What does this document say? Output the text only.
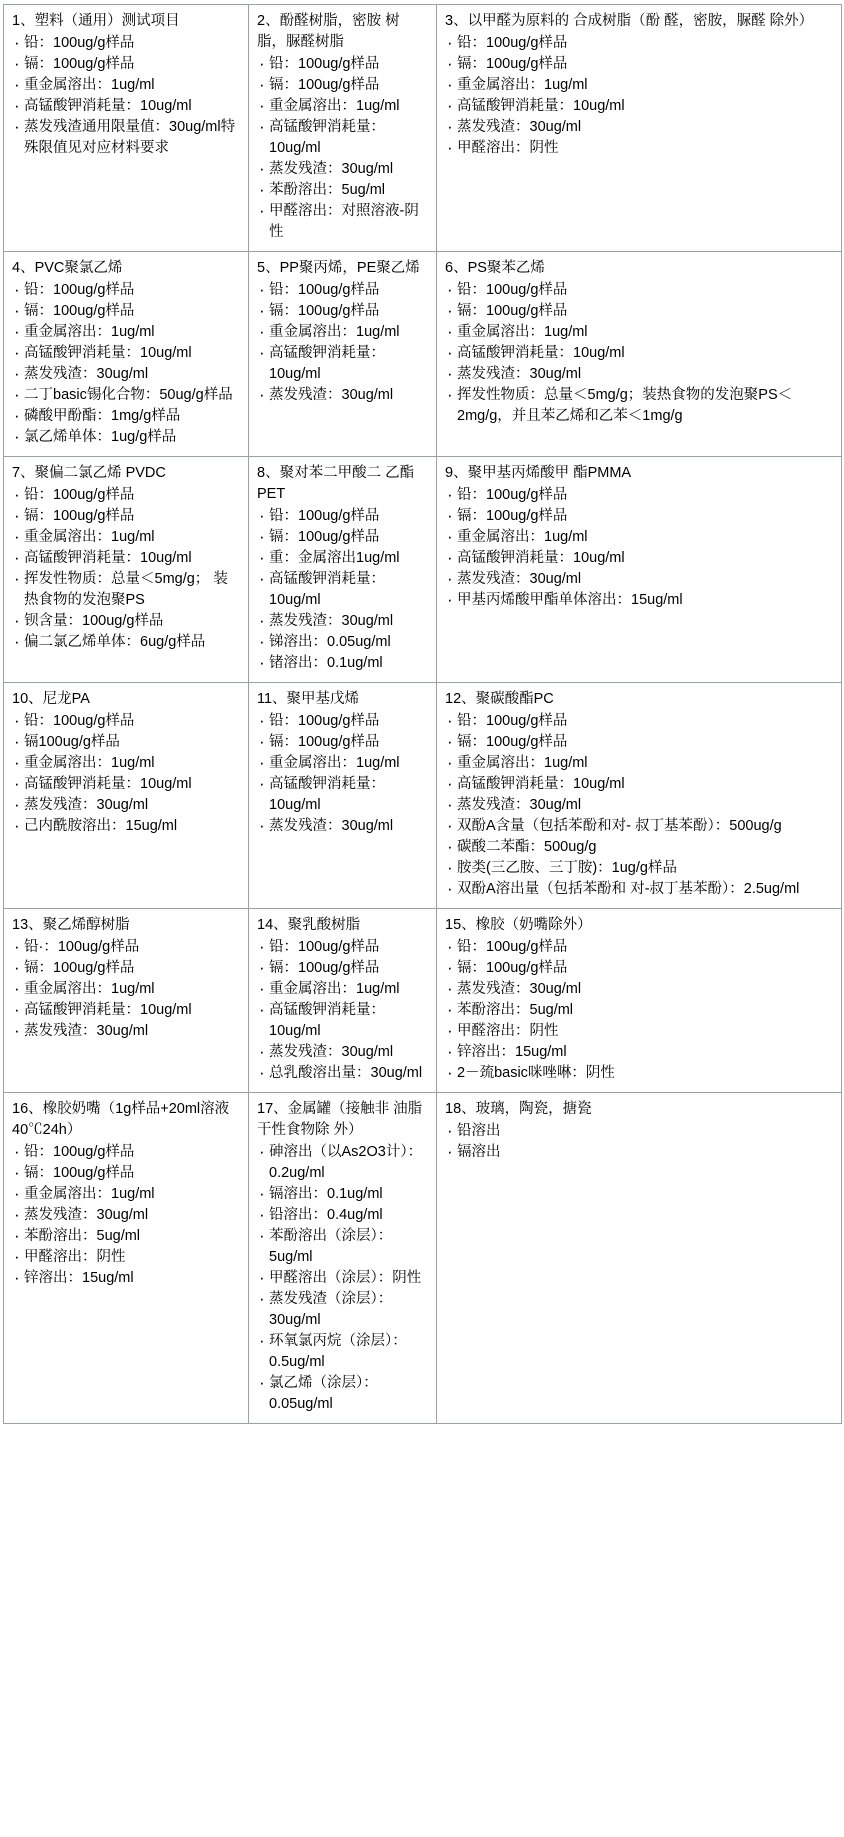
1、塑料（通用）测试项目
· 铅：100ug/g样品
· 镉：100ug/g样品
· 重金属溶出：1ug/ml
· 高锰酸钾消耗量：10ug/ml
· 蒸发残渣通用限量值：30ug/ml特殊限值见对应材料要求

2、酚醛树脂，密胺 树脂，脲醛树脂
· 铅：100ug/g样品
· 镉：100ug/g样品
· 重金属溶出：1ug/ml
· 高锰酸钾消耗量：10ug/ml
· 蒸发残渣：30ug/ml
· 苯酚溶出：5ug/ml
· 甲醛溶出：对照溶液-阴性

3、以甲醛为原料的 合成树脂（酚 醛，密胺，脲醛 除外）
· 铅：100ug/g样品
· 镉：100ug/g样品
· 重金属溶出：1ug/ml
· 高锰酸钾消耗量：10ug/ml
· 蒸发残渣：30ug/ml
· 甲醛溶出：阴性

4、PVC聚氯乙烯
· 铅：100ug/g样品
· 镉：100ug/g样品
· 重金属溶出：1ug/ml
· 高锰酸钾消耗量：10ug/ml
· 蒸发残渣：30ug/ml
· 二丁basic锡化合物：50ug/g样品
· 磷酸甲酚酯：1mg/g样品
· 氯乙烯单体：1ug/g样品

5、PP聚丙烯，PE聚乙烯
· 铅：100ug/g样品
· 镉：100ug/g样品
· 重金属溶出：1ug/ml
· 高锰酸钾消耗量：10ug/ml
· 蒸发残渣：30ug/ml

6、PS聚苯乙烯
· 铅：100ug/g样品
· 镉：100ug/g样品
· 重金属溶出：1ug/ml
· 高锰酸钾消耗量：10ug/ml
· 蒸发残渣：30ug/ml
· 挥发性物质：总量＜5mg/g；装热食物的发泡聚PS＜2mg/g，并且苯乙烯和乙苯＜1mg/g

7、聚偏二氯乙烯 PVDC
· 铅：100ug/g样品
· 镉：100ug/g样品
· 重金属溶出：1ug/ml
· 高锰酸钾消耗量：10ug/ml
· 挥发性物质：总量＜5mg/g； 装热食物的发泡聚PS
· 钡含量：100ug/g样品
· 偏二氯乙烯单体：6ug/g样品

8、聚对苯二甲酸二 乙酯PET
· 铅：100ug/g样品
· 镉：100ug/g样品
· 重：金属溶出1ug/ml
· 高锰酸钾消耗量：10ug/ml
· 蒸发残渣：30ug/ml
· 锑溶出：0.05ug/ml
· 锗溶出：0.1ug/ml

9、聚甲基丙烯酸甲 酯PMMA
· 铅：100ug/g样品
· 镉：100ug/g样品
· 重金属溶出：1ug/ml
· 高锰酸钾消耗量：10ug/ml
· 蒸发残渣：30ug/ml
· 甲基丙烯酸甲酯单体溶出：15ug/ml

10、尼龙PA
· 铅：100ug/g样品
· 镉100ug/g样品
· 重金属溶出：1ug/ml
· 高锰酸钾消耗量：10ug/ml
· 蒸发残渣：30ug/ml
· 己内酰胺溶出：15ug/ml

11、聚甲基戊烯
· 铅：100ug/g样品
· 镉：100ug/g样品
· 重金属溶出：1ug/ml
· 高锰酸钾消耗量：10ug/ml
· 蒸发残渣：30ug/ml

12、聚碳酸酯PC
· 铅：100ug/g样品
· 镉：100ug/g样品
· 重金属溶出：1ug/ml
· 高锰酸钾消耗量：10ug/ml
· 蒸发残渣：30ug/ml
· 双酚A含量（包括苯酚和对- 叔丁基苯酚）：500ug/g
· 碳酸二苯酯：500ug/g
· 胺类(三乙胺、三丁胺)：1ug/g样品
· 双酚A溶出量（包括苯酚和 对-叔丁基苯酚）：2.5ug/ml

13、聚乙烯醇树脂
· 铅·：100ug/g样品
· 镉：100ug/g样品
· 重金属溶出：1ug/ml
· 高锰酸钾消耗量：10ug/ml
· 蒸发残渣：30ug/ml

14、聚乳酸树脂
· 铅：100ug/g样品
· 镉：100ug/g样品
· 重金属溶出：1ug/ml
· 高锰酸钾消耗量：10ug/ml
· 蒸发残渣：30ug/ml
· 总乳酸溶出量：30ug/ml

15、橡胶（奶嘴除外）
· 铅：100ug/g样品
· 镉：100ug/g样品
· 蒸发残渣：30ug/ml
· 苯酚溶出：5ug/ml
· 甲醛溶出：阴性
· 锌溶出：15ug/ml
· 2－巯basic咪唑啉：阴性

16、橡胶奶嘴（1g样品+20ml溶液40℃24h）
· 铅：100ug/g样品
· 镉：100ug/g样品
· 重金属溶出：1ug/ml
· 蒸发残渣：30ug/ml
· 苯酚溶出：5ug/ml
· 甲醛溶出：阴性
· 锌溶出：15ug/ml

17、金属罐（接触非 油脂干性食物除 外）
· 砷溶出（以As2O3计）：0.2ug/ml
· 镉溶出：0.1ug/ml
· 铅溶出：0.4ug/ml
· 苯酚溶出（涂层）：5ug/ml
· 甲醛溶出（涂层）：阴性
· 蒸发残渣（涂层）：30ug/ml
· 环氧氯丙烷（涂层）：0.5ug/ml
· 氯乙烯（涂层）：0.05ug/ml

18、玻璃，陶瓷，搪瓷
· 铅溶出
· 镉溶出
